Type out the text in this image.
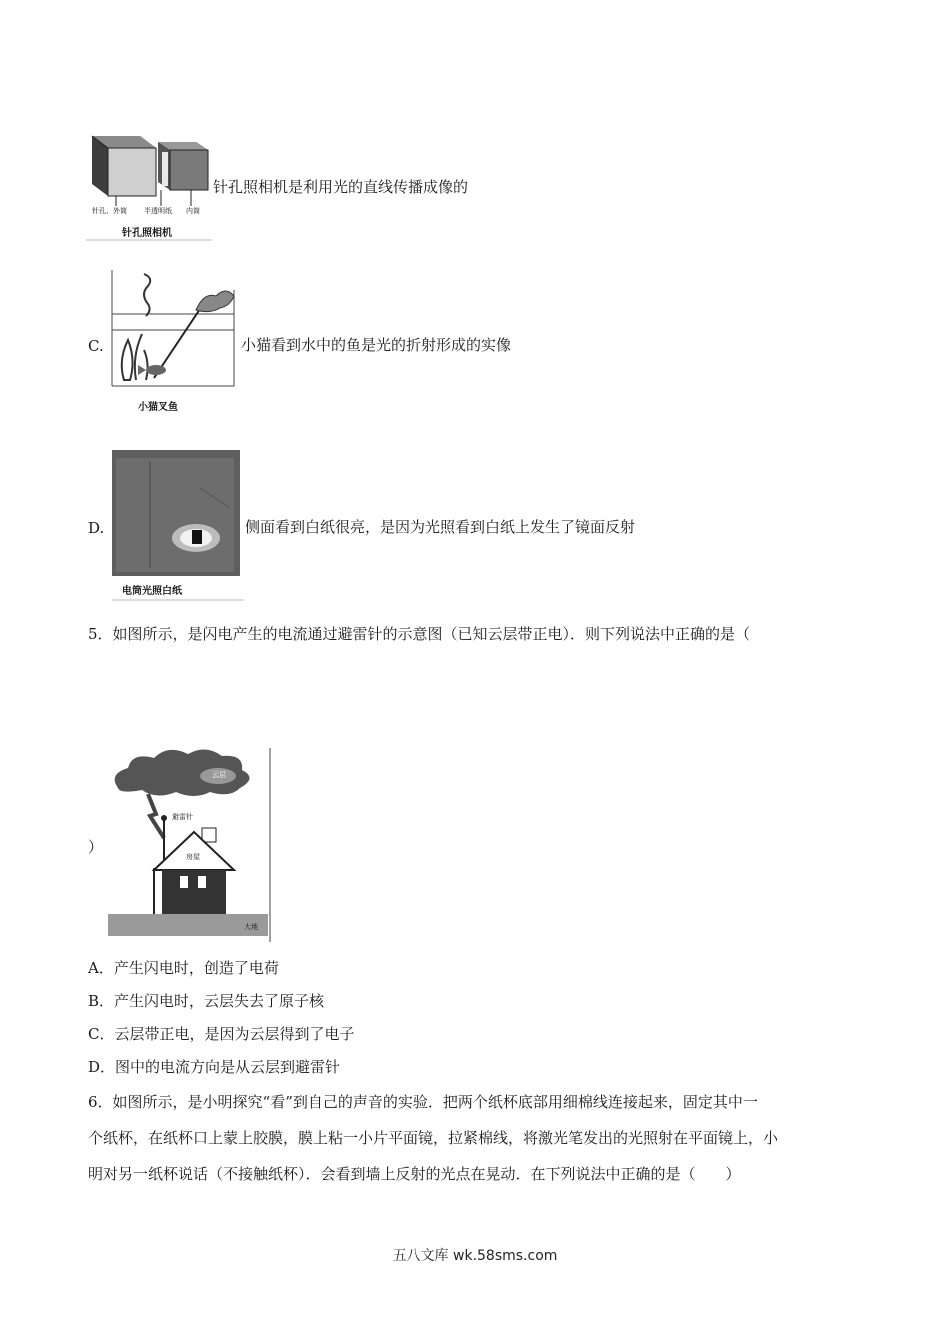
针孔、外筒 半透明纸 内筒
针孔照相机
针孔照相机是利用光的直线传播成像的
C.
小猫叉鱼
小猫看到水中的鱼是光的折射形成的实像
D.
电筒光照白纸
侧面看到白纸很亮，是因为光照看到白纸上发生了镜面反射
5．如图所示，是闪电产生的电流通过避雷针的示意图（已知云层带正电）．则下列说法中正确的是（
）
云层
避雷针
房屋
大地
A．产生闪电时，创造了电荷
B．产生闪电时，云层失去了原子核
C．云层带正电，是因为云层得到了电子
D．图中的电流方向是从云层到避雷针
6．如图所示，是小明探究“看”到自己的声音的实验．把两个纸杯底部用细棉线连接起来，固定其中一
个纸杯，在纸杯口上蒙上胶膜，膜上粘一小片平面镜，拉紧棉线，将激光笔发出的光照射在平面镜上，小
明对另一纸杯说话（不接触纸杯）．会看到墙上反射的光点在晃动．在下列说法中正确的是（　　）
五八文库 wk.58sms.com
